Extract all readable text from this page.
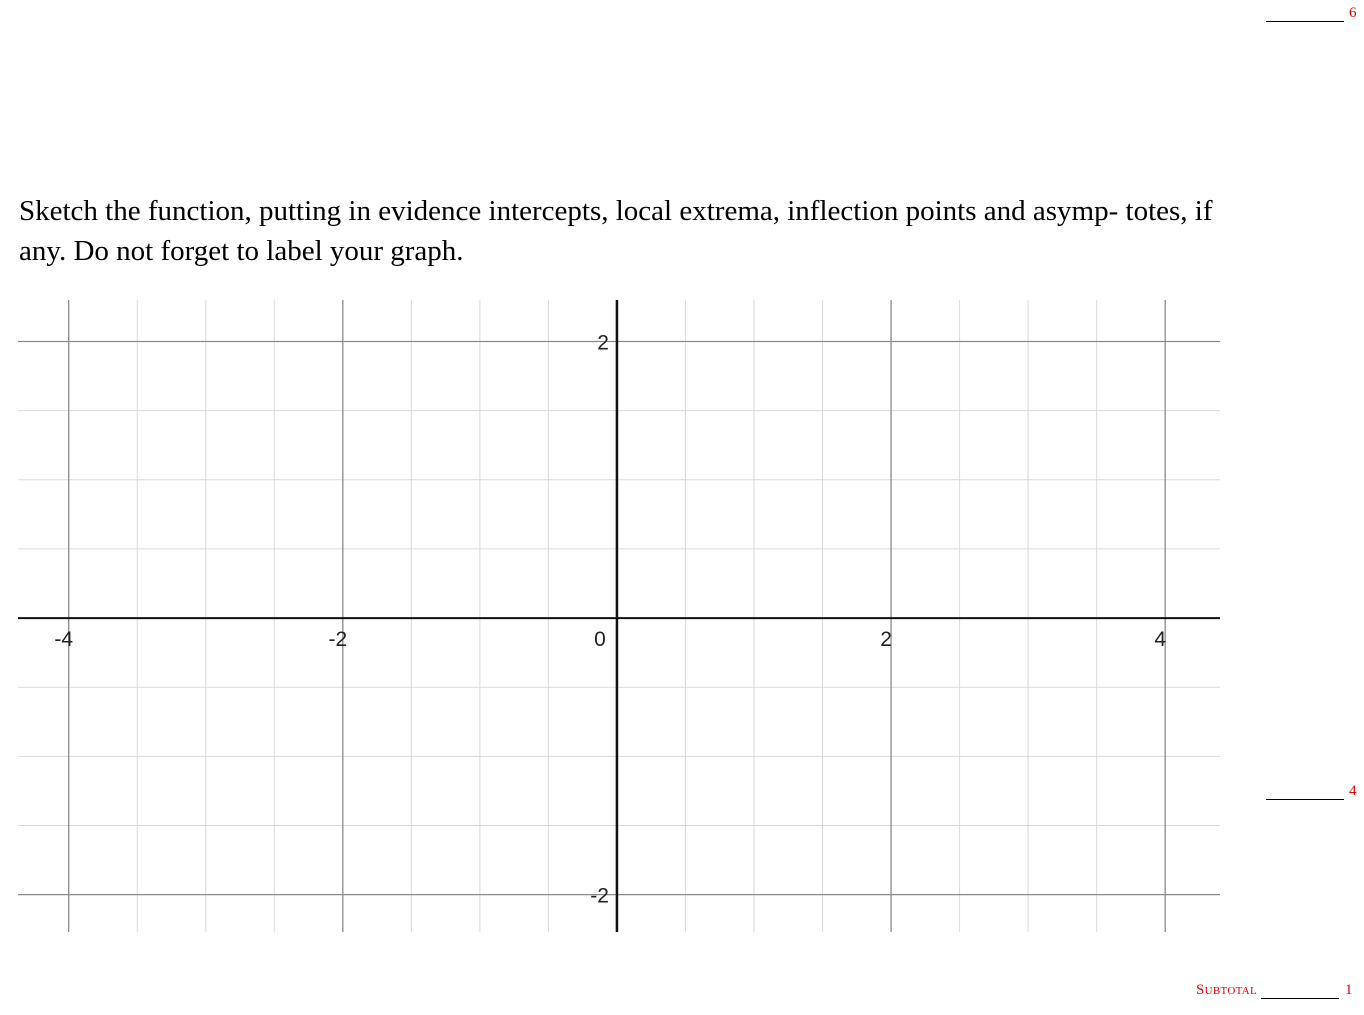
6

Sketch the function, putting in evidence intercepts, local extrema, inflection points and asymp- totes, if any. Do not forget to label your graph.

-4	-2	0	2	4
2
-2
4
Subtotal	1
